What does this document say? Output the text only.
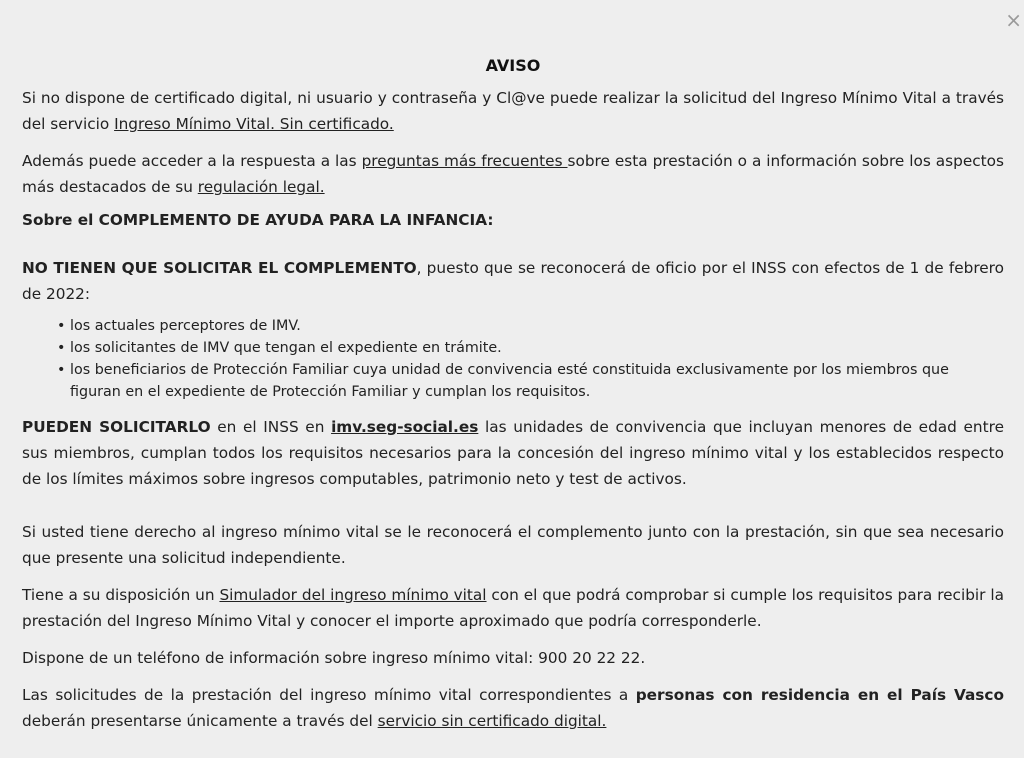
×
AVISO

Si no dispone de certificado digital, ni usuario y contraseña y Cl@ve puede realizar la solicitud del Ingreso Mínimo Vital a través del servicio Ingreso Mínimo Vital. Sin certificado.

Además puede acceder a la respuesta a las preguntas más frecuentes sobre esta prestación o a información sobre los aspectos más destacados de su regulación legal.

Sobre el COMPLEMENTO DE AYUDA PARA LA INFANCIA:

NO TIENEN QUE SOLICITAR EL COMPLEMENTO, puesto que se reconocerá de oficio por el INSS con efectos de 1 de febrero de 2022:

• los actuales perceptores de IMV.
• los solicitantes de IMV que tengan el expediente en trámite.
• los beneficiarios de Protección Familiar cuya unidad de convivencia esté constituida exclusivamente por los miembros que figuran en el expediente de Protección Familiar y cumplan los requisitos.

PUEDEN SOLICITARLO en el INSS en imv.seg-social.es las unidades de convivencia que incluyan menores de edad entre sus miembros, cumplan todos los requisitos necesarios para la concesión del ingreso mínimo vital y los establecidos respecto de los límites máximos sobre ingresos computables, patrimonio neto y test de activos.

Si usted tiene derecho al ingreso mínimo vital se le reconocerá el complemento junto con la prestación, sin que sea necesario que presente una solicitud independiente.

Tiene a su disposición un Simulador del ingreso mínimo vital con el que podrá comprobar si cumple los requisitos para recibir la prestación del Ingreso Mínimo Vital y conocer el importe aproximado que podría corresponderle.

Dispone de un teléfono de información sobre ingreso mínimo vital: 900 20 22 22.

Las solicitudes de la prestación del ingreso mínimo vital correspondientes a personas con residencia en el País Vasco deberán presentarse únicamente a través del servicio sin certificado digital.
